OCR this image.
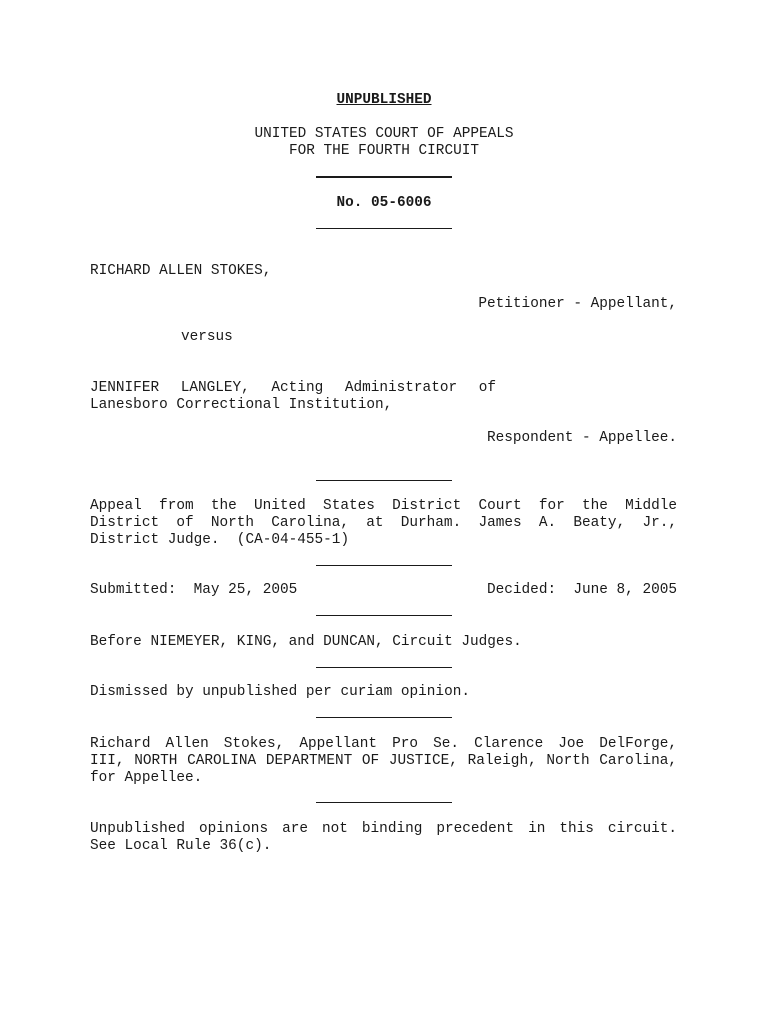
UNPUBLISHED
UNITED STATES COURT OF APPEALS
FOR THE FOURTH CIRCUIT
No. 05-6006
RICHARD ALLEN STOKES,
Petitioner - Appellant,
versus
JENNIFER LANGLEY, Acting Administrator of
Lanesboro Correctional Institution,
Respondent - Appellee.
Appeal from the United States District Court for the Middle
District of North Carolina, at Durham. James A. Beaty, Jr.,
District Judge.  (CA-04-455-1)
Submitted:  May 25, 2005	Decided:  June 8, 2005
Before NIEMEYER, KING, and DUNCAN, Circuit Judges.
Dismissed by unpublished per curiam opinion.
Richard Allen Stokes, Appellant Pro Se. Clarence Joe DelForge,
III, NORTH CAROLINA DEPARTMENT OF JUSTICE, Raleigh, North Carolina,
for Appellee.
Unpublished opinions are not binding precedent in this circuit.
See Local Rule 36(c).
